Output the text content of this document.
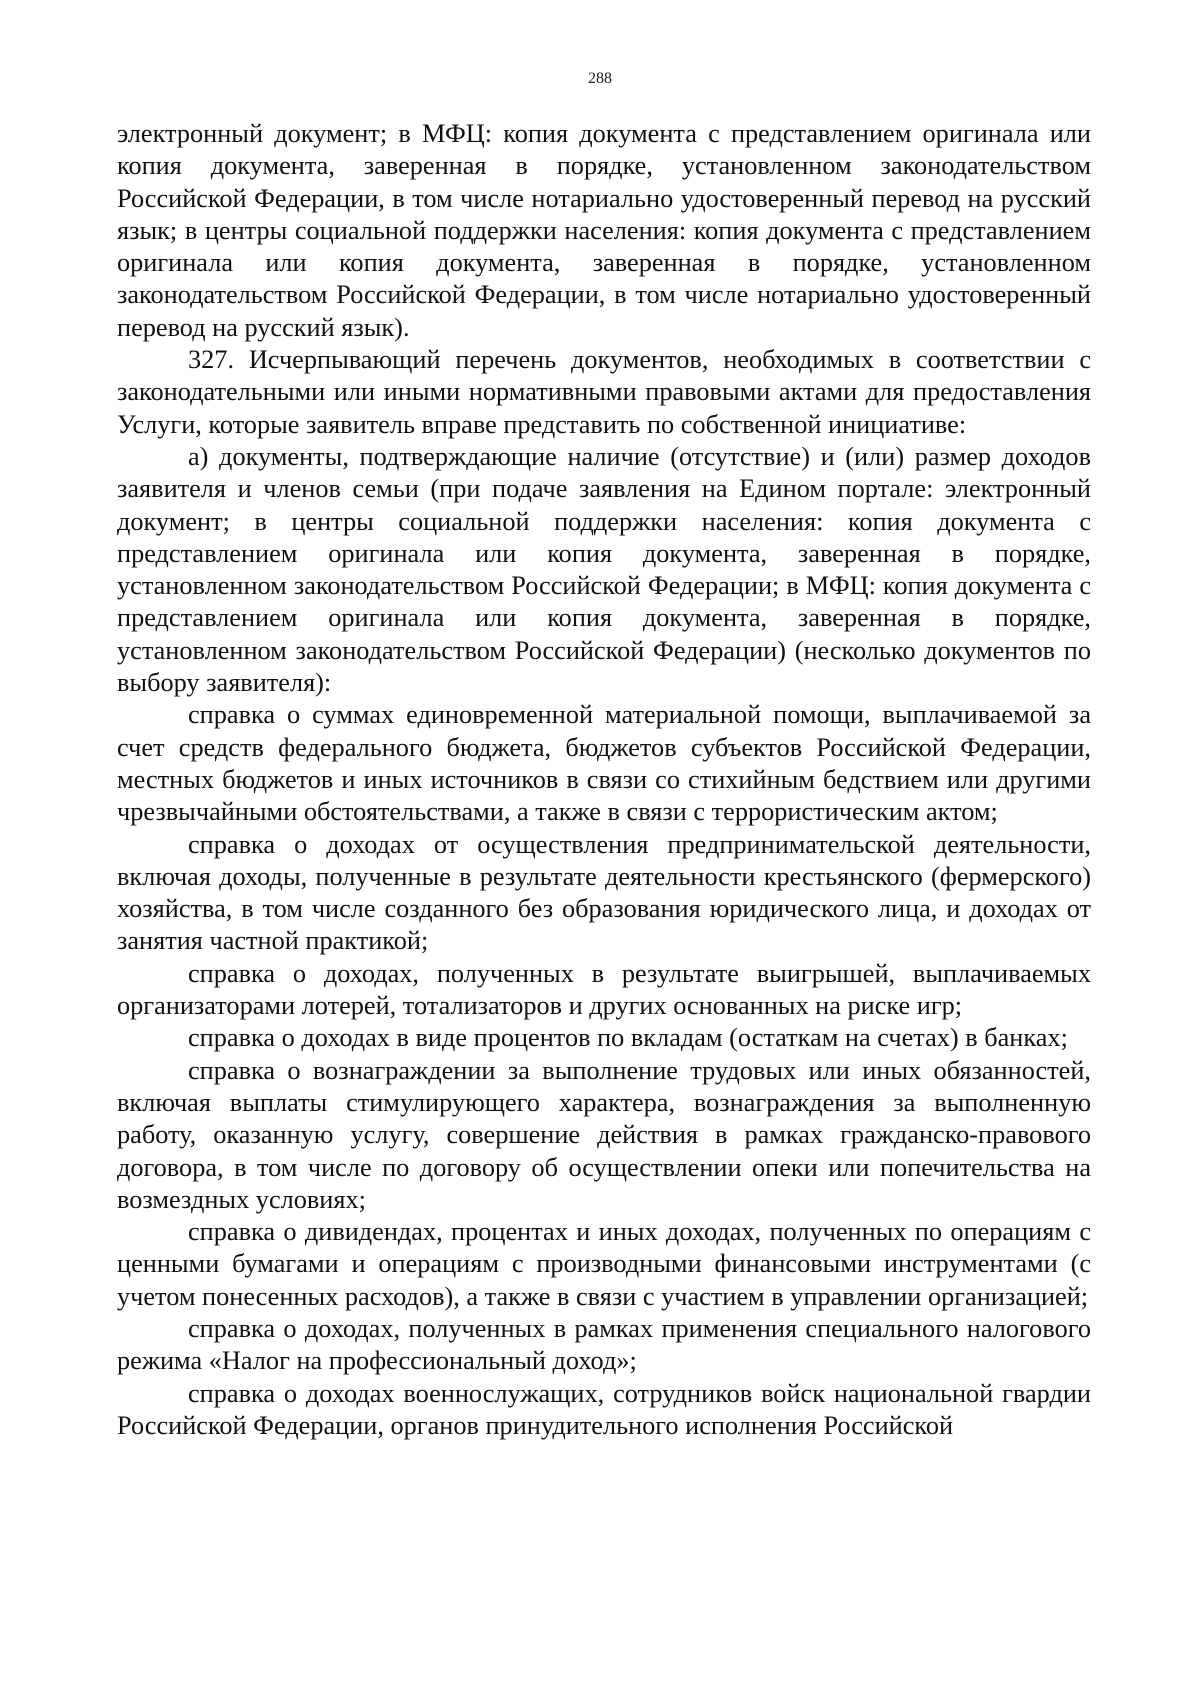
288

электронный документ; в МФЦ: копия документа с представлением оригинала или копия документа, заверенная в порядке, установленном законодательством Российской Федерации, в том числе нотариально удостоверенный перевод на русский язык; в центры социальной поддержки населения: копия документа с представлением оригинала или копия документа, заверенная в порядке, установленном законодательством Российской Федерации, в том числе нотариально удостоверенный перевод на русский язык).

327. Исчерпывающий перечень документов, необходимых в соответствии с законодательными или иными нормативными правовыми актами для предоставления Услуги, которые заявитель вправе представить по собственной инициативе:

а) документы, подтверждающие наличие (отсутствие) и (или) размер доходов заявителя и членов семьи (при подаче заявления на Едином портале: электронный документ; в центры социальной поддержки населения: копия документа с представлением оригинала или копия документа, заверенная в порядке, установленном законодательством Российской Федерации; в МФЦ: копия документа с представлением оригинала или копия документа, заверенная в порядке, установленном законодательством Российской Федерации) (несколько документов по выбору заявителя):

справка о суммах единовременной материальной помощи, выплачиваемой за счет средств федерального бюджета, бюджетов субъектов Российской Федерации, местных бюджетов и иных источников в связи со стихийным бедствием или другими чрезвычайными обстоятельствами, а также в связи с террористическим актом;

справка о доходах от осуществления предпринимательской деятельности, включая доходы, полученные в результате деятельности крестьянского (фермерского) хозяйства, в том числе созданного без образования юридического лица, и доходах от занятия частной практикой;

справка о доходах, полученных в результате выигрышей, выплачиваемых организаторами лотерей, тотализаторов и других основанных на риске игр;

справка о доходах в виде процентов по вкладам (остаткам на счетах) в банках;

справка о вознаграждении за выполнение трудовых или иных обязанностей, включая выплаты стимулирующего характера, вознаграждения за выполненную работу, оказанную услугу, совершение действия в рамках гражданско-правового договора, в том числе по договору об осуществлении опеки или попечительства на возмездных условиях;

справка о дивидендах, процентах и иных доходах, полученных по операциям с ценными бумагами и операциям с производными финансовыми инструментами (с учетом понесенных расходов), а также в связи с участием в управлении организацией;

справка о доходах, полученных в рамках применения специального налогового режима «Налог на профессиональный доход»;

справка о доходах военнослужащих, сотрудников войск национальной гвардии Российской Федерации, органов принудительного исполнения Российской
